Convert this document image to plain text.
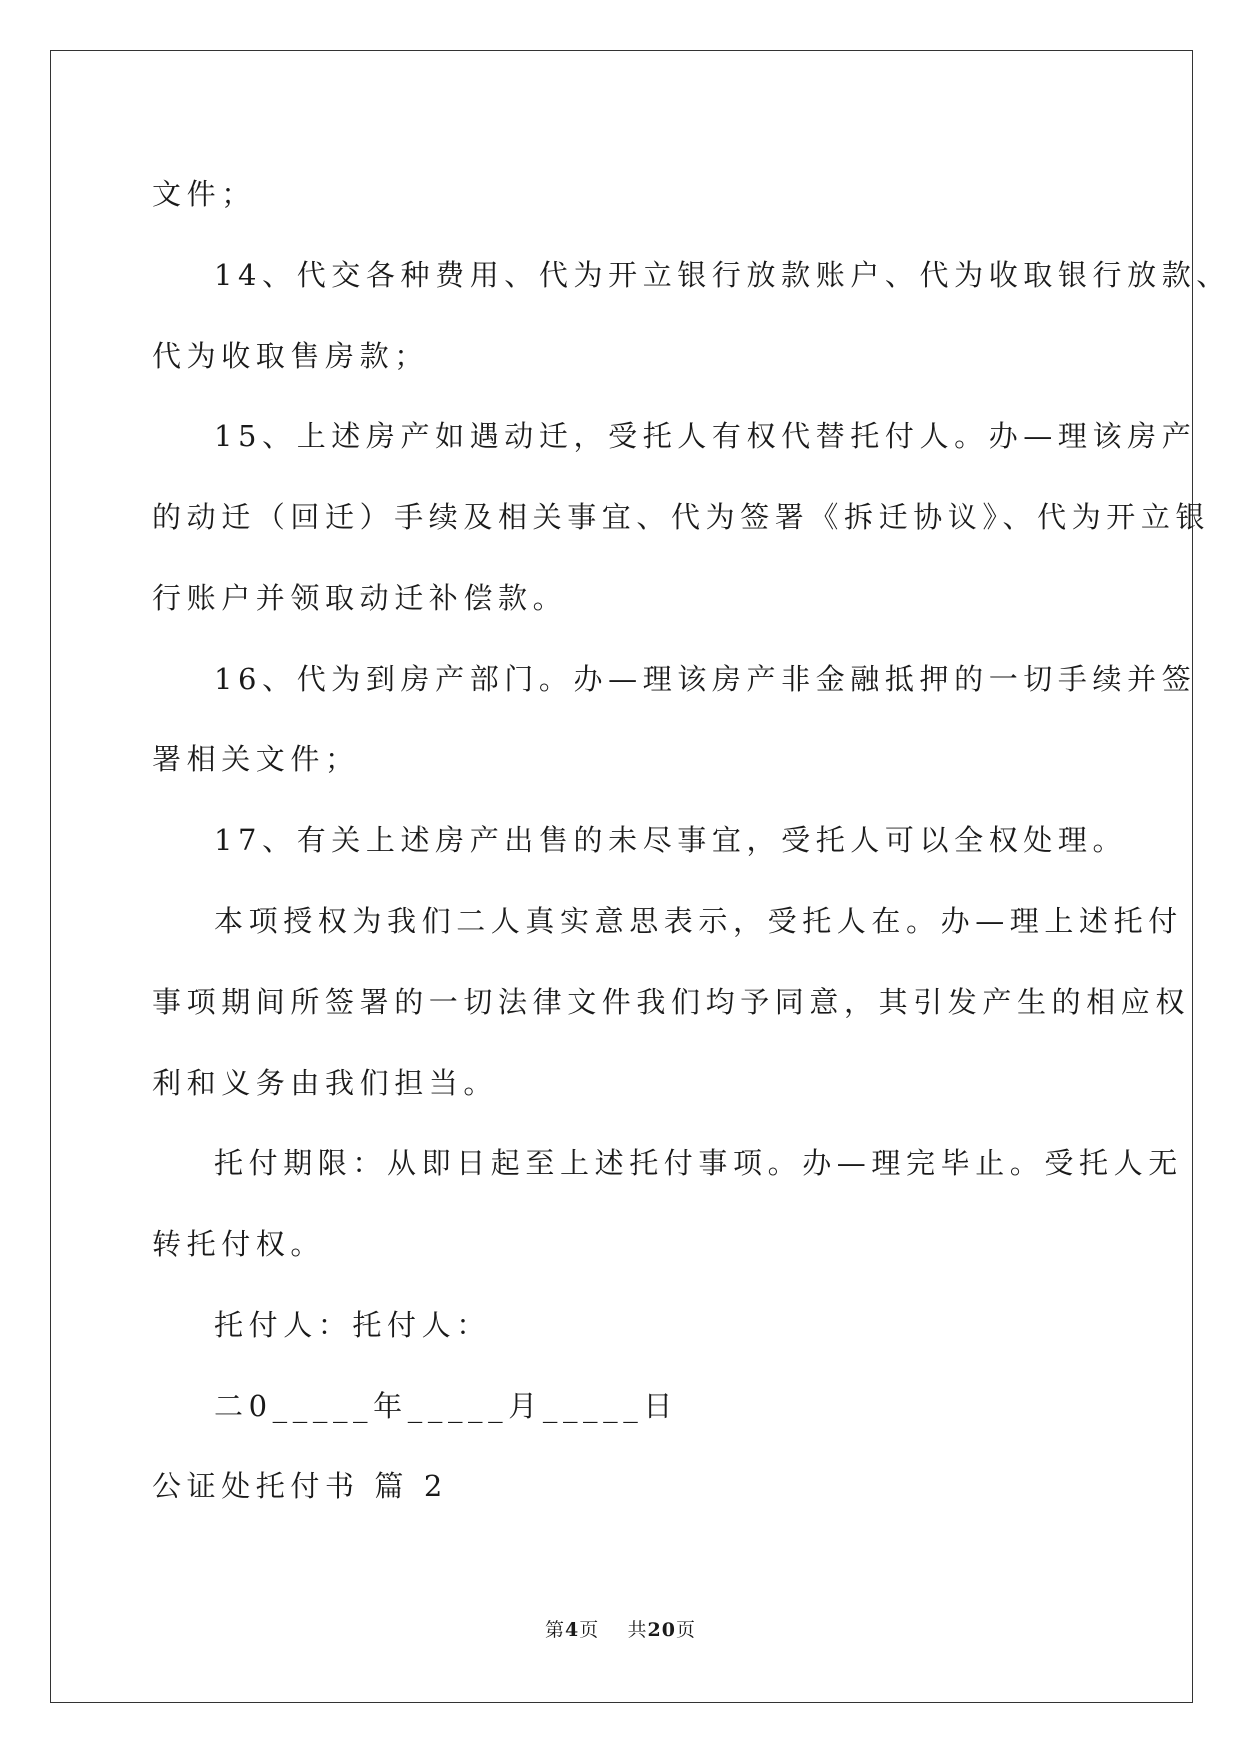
文件；
14、代交各种费用、代为开立银行放款账户、代为收取银行放款、
代为收取售房款；
15、上述房产如遇动迁，受托人有权代替托付人。办—理该房产
的动迁（回迁）手续及相关事宜、代为签署《拆迁协议》、代为开立银
行账户并领取动迁补偿款。
16、代为到房产部门。办—理该房产非金融抵押的一切手续并签
署相关文件；
17、有关上述房产出售的未尽事宜，受托人可以全权处理。
本项授权为我们二人真实意思表示，受托人在。办—理上述托付
事项期间所签署的一切法律文件我们均予同意，其引发产生的相应权
利和义务由我们担当。
托付期限：从即日起至上述托付事项。办—理完毕止。受托人无
转托付权。
托付人：托付人：
二0_____年_____月_____日
公证处托付书 篇 2
第4页 共20页
